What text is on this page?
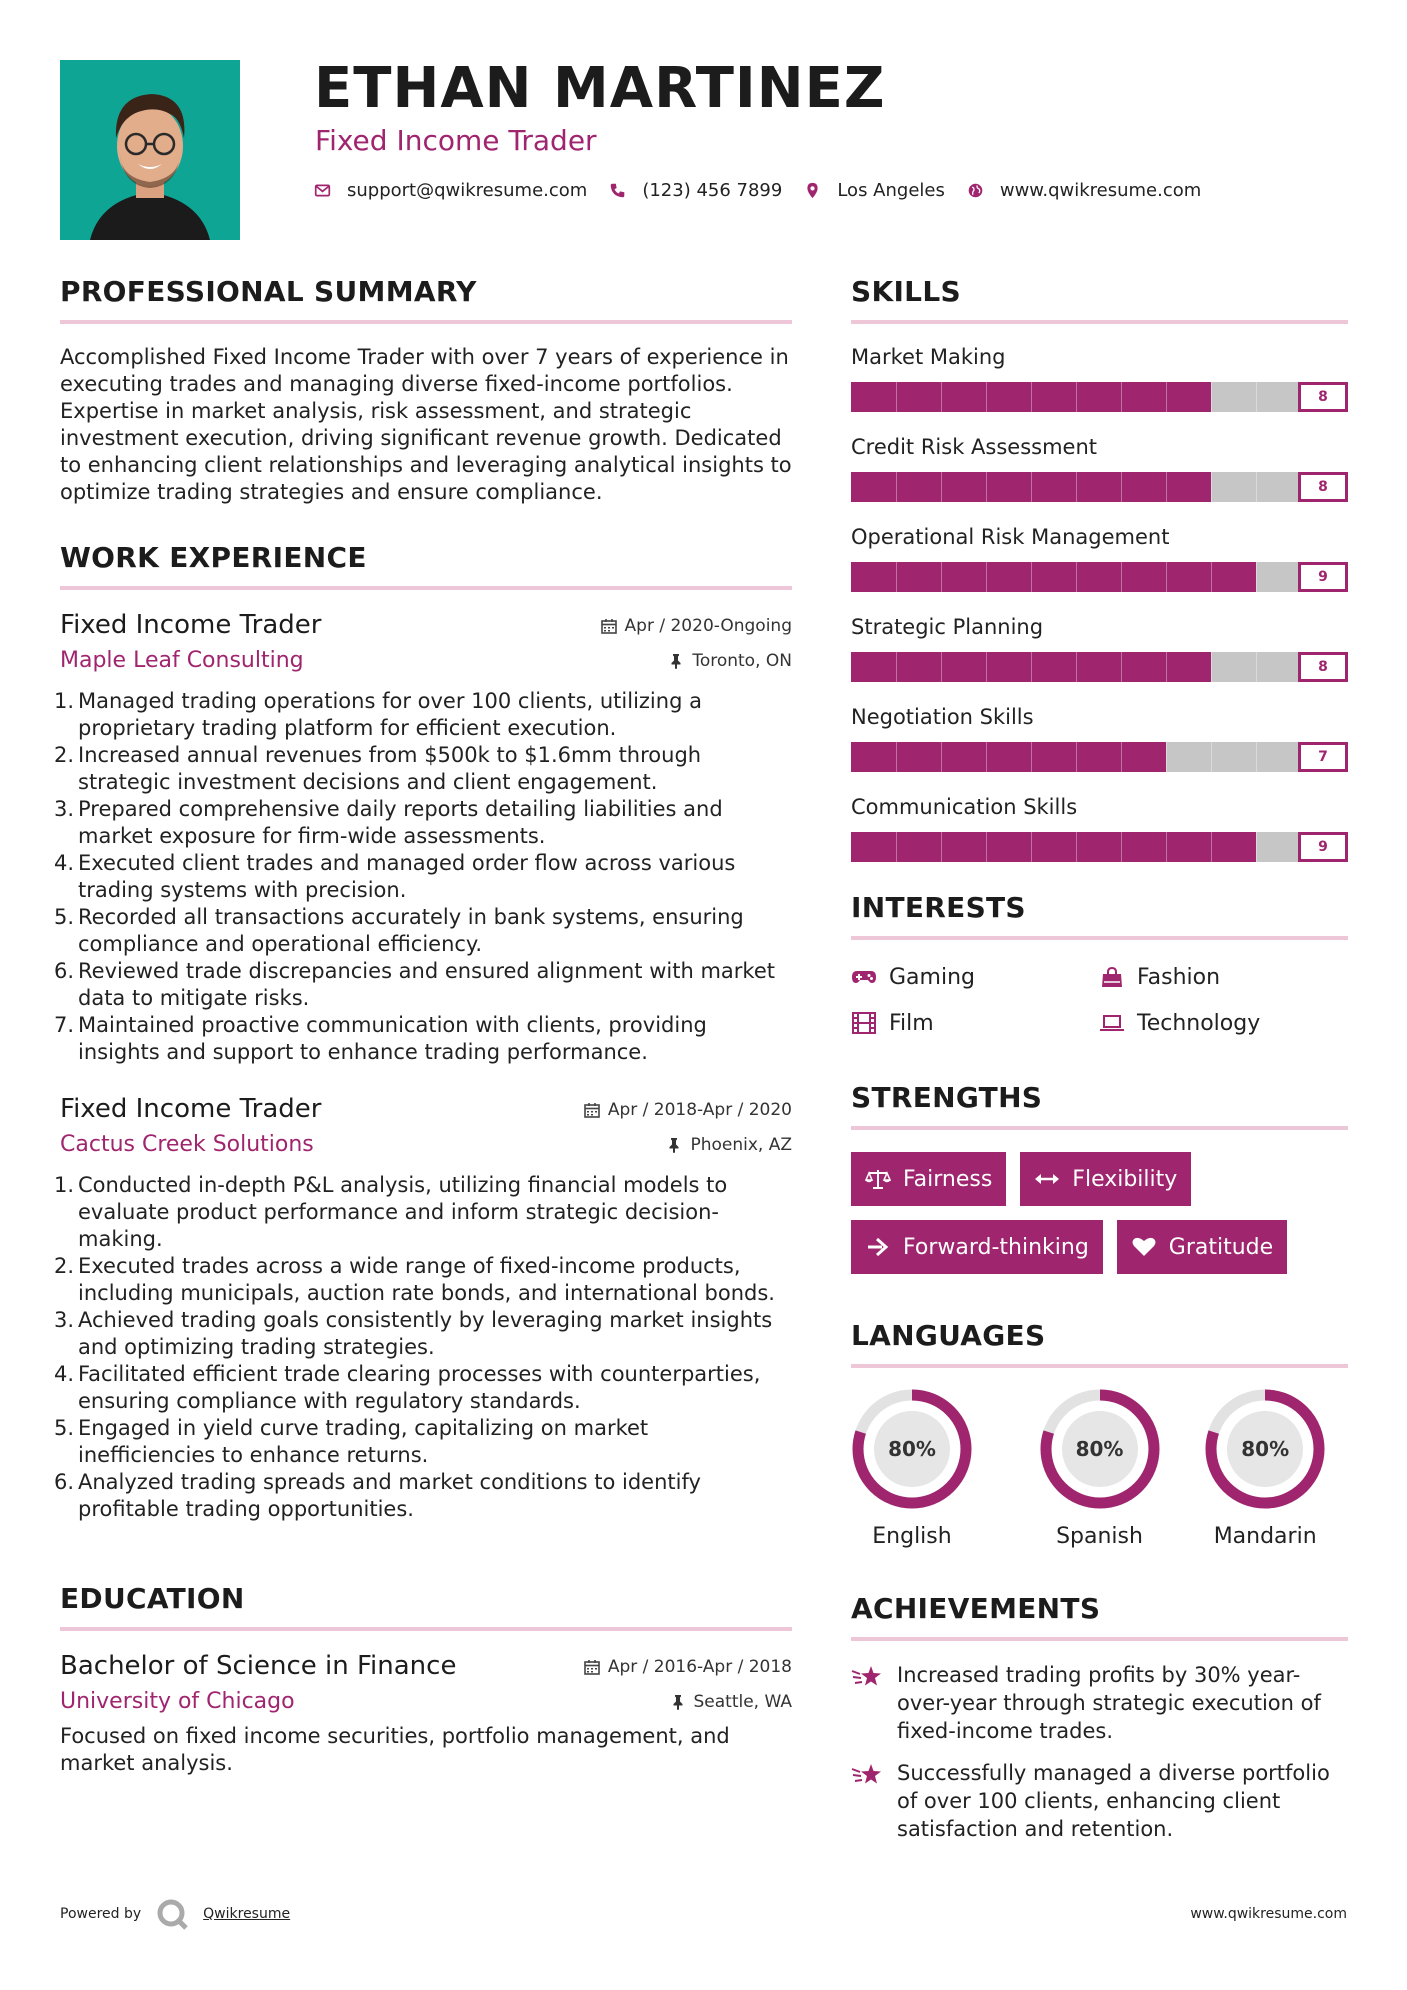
ETHAN MARTINEZ
Fixed Income Trader
support@qwikresume.com	(123) 456 7899	Los Angeles	www.qwikresume.com
PROFESSIONAL SUMMARY
Accomplished Fixed Income Trader with over 7 years of experience in executing trades and managing diverse fixed-income portfolios. Expertise in market analysis, risk assessment, and strategic investment execution, driving significant revenue growth. Dedicated to enhancing client relationships and leveraging analytical insights to optimize trading strategies and ensure compliance.
WORK EXPERIENCE
Apr / 2020-Ongoing
Toronto, ON
Fixed Income Trader
Maple Leaf Consulting
1. Managed trading operations for over 100 clients, utilizing a proprietary trading platform for efficient execution.
2. Increased annual revenues from $500k to $1.6mm through strategic investment decisions and client engagement.
3. Prepared comprehensive daily reports detailing liabilities and market exposure for firm-wide assessments.
4. Executed client trades and managed order flow across various trading systems with precision.
5. Recorded all transactions accurately in bank systems, ensuring compliance and operational efficiency.
6. Reviewed trade discrepancies and ensured alignment with market data to mitigate risks.
7. Maintained proactive communication with clients, providing insights and support to enhance trading performance.
Apr / 2018-Apr / 2020
Phoenix, AZ
Fixed Income Trader
Cactus Creek Solutions
1. Conducted in-depth P&L analysis, utilizing financial models to evaluate product performance and inform strategic decision-making.
2. Executed trades across a wide range of fixed-income products, including municipals, auction rate bonds, and international bonds.
3. Achieved trading goals consistently by leveraging market insights and optimizing trading strategies.
4. Facilitated efficient trade clearing processes with counterparties, ensuring compliance with regulatory standards.
5. Engaged in yield curve trading, capitalizing on market inefficiencies to enhance returns.
6. Analyzed trading spreads and market conditions to identify profitable trading opportunities.
EDUCATION
Apr / 2016-Apr / 2018
Seattle, WA
Bachelor of Science in Finance
University of Chicago
Focused on fixed income securities, portfolio management, and market analysis.
SKILLS
Market Making
8
Credit Risk Assessment
8
Operational Risk Management
9
Strategic Planning
8
Negotiation Skills
7
Communication Skills
9
INTERESTS
Gaming	Fashion
Film	Technology
STRENGTHS
Fairness	Flexibility
Forward-thinking	Gratitude
LANGUAGES
80%
English
80%
Spanish
80%
Mandarin
ACHIEVEMENTS
Increased trading profits by 30% year-over-year through strategic execution of fixed-income trades.
Successfully managed a diverse portfolio of over 100 clients, enhancing client satisfaction and retention.
Powered by	Qwikresume	www.qwikresume.com
